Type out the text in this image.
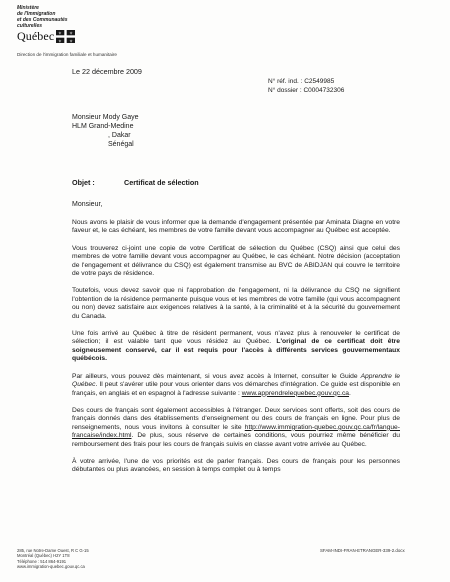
Ministère
de l'Immigration
et des Communautés
culturelles
Québec ⚜ ⚜
⚜ ⚜
Direction de l'immigration familiale et humanitaire
Le 22 décembre 2009
N° réf. ind. : C2549985
N° dossier : C0004732306
Monsieur Mody Gaye
HLM Grand-Medine
, Dakar
Sénégal
Objet :	Certificat de sélection
Monsieur,

Nous avons le plaisir de vous informer que la demande d'engagement présentée par Aminata Diagne en votre faveur et, le cas échéant, les membres de votre famille devant vous accompagner au Québec est acceptée.

Vous trouverez ci-joint une copie de votre Certificat de sélection du Québec (CSQ) ainsi que celui des membres de votre famille devant vous accompagner au Québec, le cas échéant. Notre décision (acceptation de l'engagement et délivrance du CSQ) est également transmise au BVC de ABIDJAN qui couvre le territoire de votre pays de résidence.

Toutefois, vous devez savoir que ni l'approbation de l'engagement, ni la délivrance du CSQ ne signifient l'obtention de la résidence permanente puisque vous et les membres de votre famille (qui vous accompagnent ou non) devez satisfaire aux exigences relatives à la santé, à la criminalité et à la sécurité du gouvernement du Canada.

Une fois arrivé au Québec à titre de résident permanent, vous n'avez plus à renouveler le certificat de sélection; il est valable tant que vous résidez au Québec. L'original de ce certificat doit être soigneusement conservé, car il est requis pour l'accès à différents services gouvernementaux québécois.

Par ailleurs, vous pouvez dès maintenant, si vous avez accès à Internet, consulter le Guide Apprendre le Québec. Il peut s'avérer utile pour vous orienter dans vos démarches d'intégration. Ce guide est disponible en français, en anglais et en espagnol à l'adresse suivante : www.apprendrelequebec.gouv.qc.ca.

Des cours de français sont également accessibles à l'étranger. Deux services sont offerts, soit des cours de français donnés dans des établissements d'enseignement ou des cours de français en ligne. Pour plus de renseignements, nous vous invitons à consulter le site http://www.immigration-quebec.gouv.qc.ca/fr/langue-francaise/index.html. De plus, sous réserve de certaines conditions, vous pourriez même bénéficier du remboursement des frais pour les cours de français suivis en classe avant votre arrivée au Québec.

À votre arrivée, l'une de vos priorités est de parler français. Des cours de français pour les personnes débutantes ou plus avancées, en session à temps complet ou à temps

285, rue Notre-Dame Ouest, R C G-15
Montréal (Québec) H2Y 1T8
Téléphone : 514 864-9191
www.immigration-quebec.gouv.qc.ca
SFAM-INDI-FRAN-ETRANGER-339-2.docx
